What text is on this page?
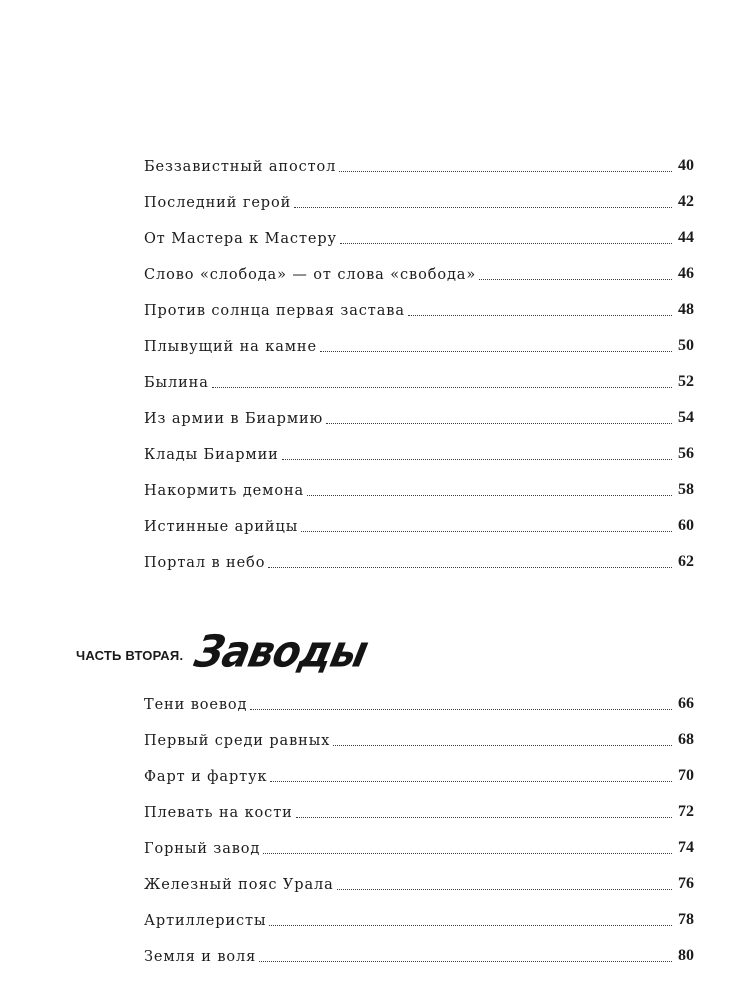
Беззавистный апостол	40
Последний герой	42
От Мастера к Мастеру	44
Слово «слобода» — от слова «свобода»	46
Против солнца первая застава	48
Плывущий на камне	50
Былина	52
Из армии в Биармию	54
Клады Биармии	56
Накормить демона	58
Истинные арийцы	60
Портал в небо	62
ЧАСТЬ ВТОРАЯ. Заводы
Тени воевод	66
Первый среди равных	68
Фарт и фартук	70
Плевать на кости	72
Горный завод	74
Железный пояс Урала	76
Артиллеристы	78
Земля и воля	80
